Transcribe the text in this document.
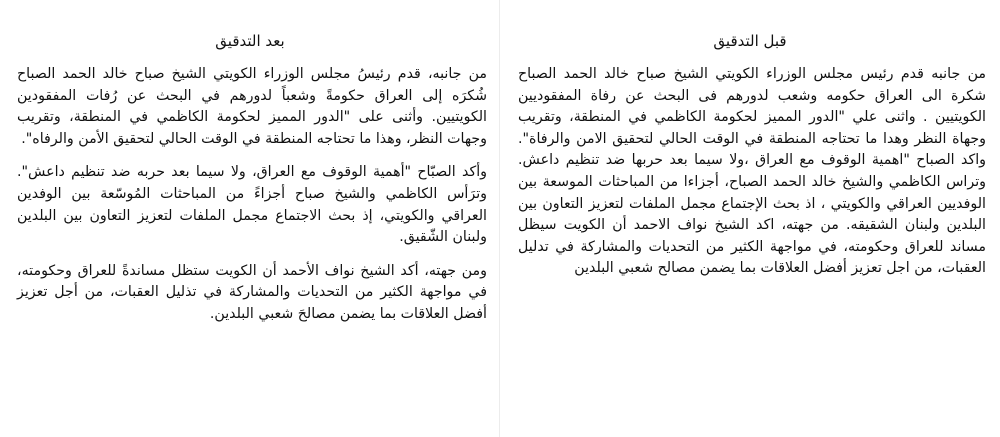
بعد التدقيق

من جانبه، قدم رئيسُ مجلس الوزراء الكويتي الشيخ صباح خالد الحمد الصباح شُكرَه إلى العراق حكومةً وشعباً لدورهم في البحث عن رُفات المفقودين الكويتيين. وأثنى على "الدور المميز لحكومة الكاظمي في المنطقة، وتقريب وجهات النظر، وهذا ما تحتاجه المنطقة في الوقت الحالي لتحقيق الأمن والرفاه".

وأكد الصبّاح "أهمية الوقوف مع العراق، ولا سيما بعد حربه ضد تنظيم داعش". وترَأس الكاظمي والشيخ صباح أجزاءً من المباحثات المُوسّعة بين الوفدين العراقي والكويتي، إذ بحث الاجتماع مجمل الملفات لتعزيز التعاون بين البلدين ولبنان الشّقيق.

ومن جهته، أكد الشيخ نواف الأحمد أن الكويت ستظل مساندةً للعراق وحكومته، في مواجهة الكثير من التحديات والمشاركة في تذليل العقبات، من أجل تعزيز أفضل العلاقات بما يضمن مصالحَ شعبي البلدين.

قبل التدقيق

من جانبه قدم رئيس مجلس الوزراء الكويتي الشيخ صباح خالد الحمد الصباح شكرة الى العراق حكومه وشعب لدورهم فى البحث عن رفاة المفقوديين الكويتيين . واثنى علي "الدور المميز لحكومة الكاظمي في المنطقة، وتقريب وجهاة النظر وهدا ما تحتاجه المنطقة في الوقت الحالي لتحقيق الامن والرفاة". واكد الصباح "اهمية الوقوف مع العراق ،ولا سيما بعد حربها ضد تنظيم داعش. وتراس الكاظمي والشيخ خالد الحمد الصباح، أجزاءا من المباحثات الموسعة بين الوفديين العراقي والكويتي ، اذ بحث الإجتماع مجمل الملفات لتعزيز التعاون بين البلدين ولبنان الشقيقه. من جهته، اكد الشيخ نواف الاحمد أن الكويت سيظل مساند للعراق وحكومته، في مواجهة الكثير من التحديات والمشاركة في تدليل العقبات، من اجل تعزيز أفضل العلاقات بما يضمن مصالح شعبي البلدين
